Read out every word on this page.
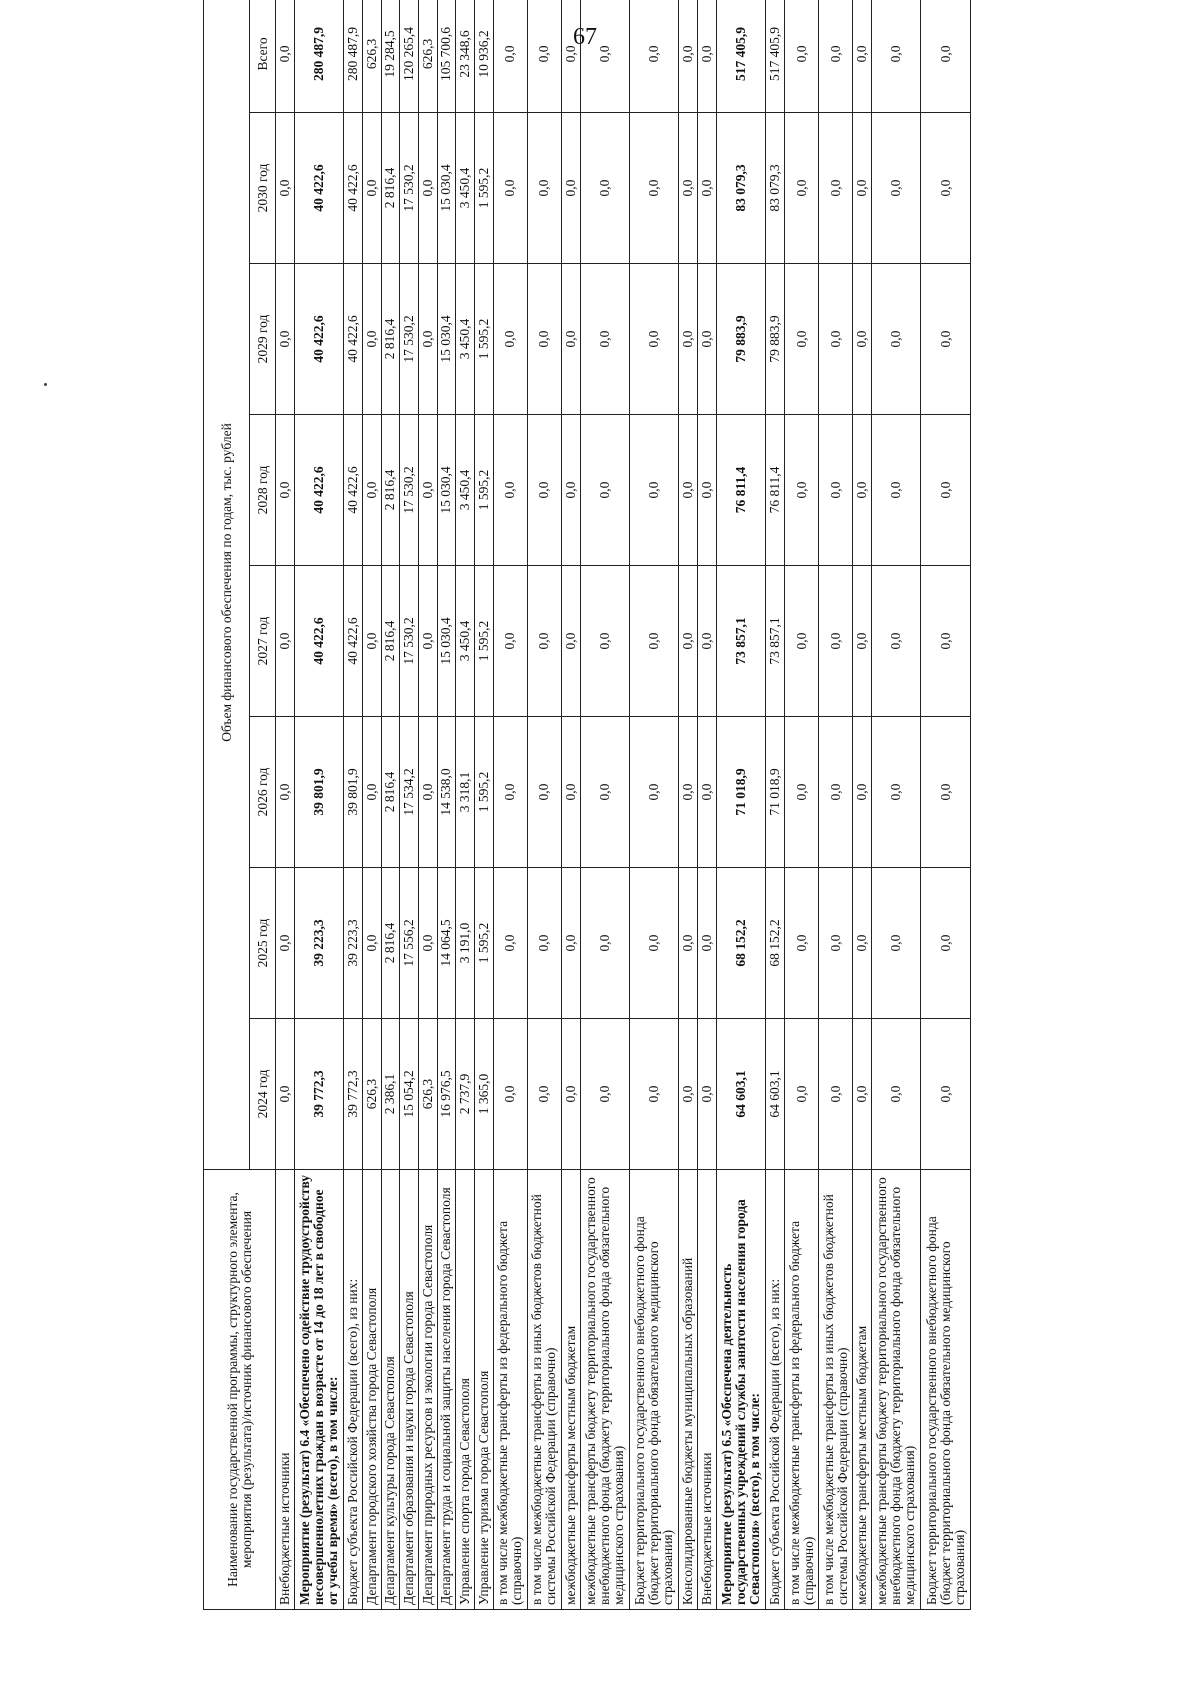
67
Наименование государственной программы, структурного элемента, мероприятия (результата)/источник финансового обеспечения	Объем финансового обеспечения по годам, тыс. рублей							
	2024 год	2025 год	2026 год	2027 год	2028 год	2029 год	2030 год	Всего
Внебюджетные источники	0,0	0,0	0,0	0,0	0,0	0,0	0,0	0,0
Мероприятие (результат) 6.4 «Обеспечено содействие трудоустройству несовершеннолетних граждан в возрасте от 14 до 18 лет в свободное от учебы время» (всего), в том числе:	39 772,3	39 223,3	39 801,9	40 422,6	40 422,6	40 422,6	40 422,6	280 487,9
Бюджет субъекта Российской Федерации (всего), из них:	39 772,3	39 223,3	39 801,9	40 422,6	40 422,6	40 422,6	40 422,6	280 487,9
Департамент городского хозяйства города Севастополя	626,3	0,0	0,0	0,0	0,0	0,0	0,0	626,3
Департамент культуры города Севастополя	2 386,1	2 816,4	2 816,4	2 816,4	2 816,4	2 816,4	2 816,4	19 284,5
Департамент образования и науки города Севастополя	15 054,2	17 556,2	17 534,2	17 530,2	17 530,2	17 530,2	17 530,2	120 265,4
Департамент природных ресурсов и экологии города Севастополя	626,3	0,0	0,0	0,0	0,0	0,0	0,0	626,3
Департамент труда и социальной защиты населения города Севастополя	16 976,5	14 064,5	14 538,0	15 030,4	15 030,4	15 030,4	15 030,4	105 700,6
Управление спорта города Севастополя	2 737,9	3 191,0	3 318,1	3 450,4	3 450,4	3 450,4	3 450,4	23 348,6
Управление туризма города Севастополя	1 365,0	1 595,2	1 595,2	1 595,2	1 595,2	1 595,2	1 595,2	10 936,2
в том числе межбюджетные трансферты из федерального бюджета (справочно)	0,0	0,0	0,0	0,0	0,0	0,0	0,0	0,0
в том числе межбюджетные трансферты из иных бюджетов бюджетной системы Российской Федерации (справочно)	0,0	0,0	0,0	0,0	0,0	0,0	0,0	0,0
межбюджетные трансферты местным бюджетам	0,0	0,0	0,0	0,0	0,0	0,0	0,0	0,0
межбюджетные трансферты бюджету территориального государственного внебюджетного фонда (бюджету территориального фонда обязательного медицинского страхования)	0,0	0,0	0,0	0,0	0,0	0,0	0,0	0,0
Бюджет территориального государственного внебюджетного фонда (бюджет территориального фонда обязательного медицинского страхования)	0,0	0,0	0,0	0,0	0,0	0,0	0,0	0,0
Консолидированные бюджеты муниципальных образований	0,0	0,0	0,0	0,0	0,0	0,0	0,0	0,0
Внебюджетные источники	0,0	0,0	0,0	0,0	0,0	0,0	0,0	0,0
Мероприятие (результат) 6.5 «Обеспечена деятельность государственных учреждений службы занятости населения города Севастополя» (всего), в том числе:	64 603,1	68 152,2	71 018,9	73 857,1	76 811,4	79 883,9	83 079,3	517 405,9
Бюджет субъекта Российской Федерации (всего), из них:	64 603,1	68 152,2	71 018,9	73 857,1	76 811,4	79 883,9	83 079,3	517 405,9
в том числе межбюджетные трансферты из федерального бюджета (справочно)	0,0	0,0	0,0	0,0	0,0	0,0	0,0	0,0
в том числе межбюджетные трансферты из иных бюджетов бюджетной системы Российской Федерации (справочно)	0,0	0,0	0,0	0,0	0,0	0,0	0,0	0,0
межбюджетные трансферты местным бюджетам	0,0	0,0	0,0	0,0	0,0	0,0	0,0	0,0
межбюджетные трансферты бюджету территориального государственного внебюджетного фонда (бюджету территориального фонда обязательного медицинского страхования)	0,0	0,0	0,0	0,0	0,0	0,0	0,0	0,0
Бюджет территориального государственного внебюджетного фонда (бюджет территориального фонда обязательного медицинского страхования)	0,0	0,0	0,0	0,0	0,0	0,0	0,0	0,0
